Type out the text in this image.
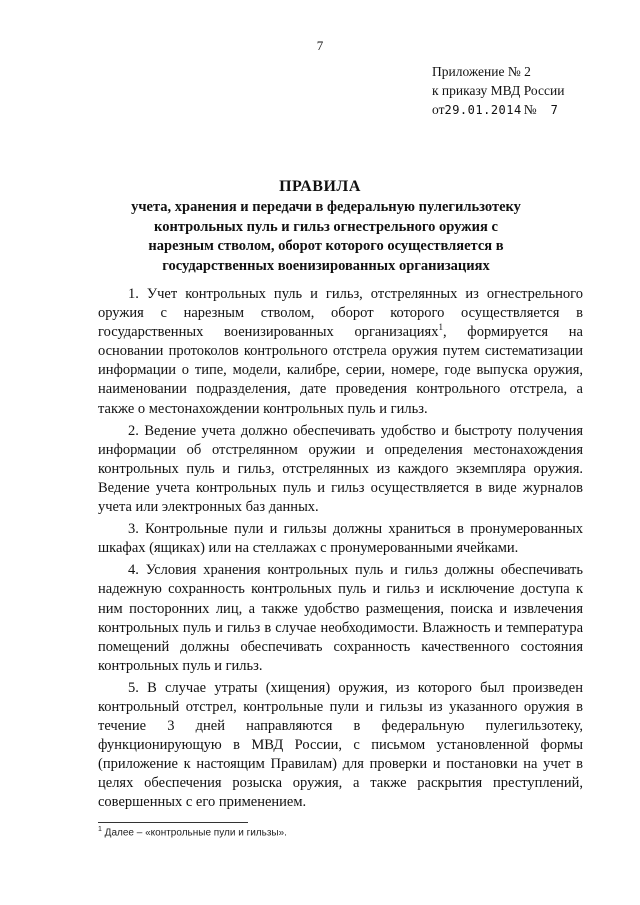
7
Приложение № 2
к приказу МВД России
от29.01.2014 № 7
ПРАВИЛА
учета, хранения и передачи в федеральную пулегильзотеку контрольных пуль и гильз огнестрельного оружия с нарезным стволом, оборот которого осуществляется в государственных военизированных организациях

1. Учет контрольных пуль и гильз, отстрелянных из огнестрельного оружия с нарезным стволом, оборот которого осуществляется в государственных военизированных организациях$^1$, формируется на основании протоколов контрольного отстрела оружия путем систематизации информации о типе, модели, калибре, серии, номере, годе выпуска оружия, наименовании подразделения, дате проведения контрольного отстрела, а также о местонахождении контрольных пуль и гильз.

2. Ведение учета должно обеспечивать удобство и быстроту получения информации об отстрелянном оружии и определения местонахождения контрольных пуль и гильз, отстрелянных из каждого экземпляра оружия. Ведение учета контрольных пуль и гильз осуществляется в виде журналов учета или электронных баз данных.

3. Контрольные пули и гильзы должны храниться в пронумерованных шкафах (ящиках) или на стеллажах с пронумерованными ячейками.

4. Условия хранения контрольных пуль и гильз должны обеспечивать надежную сохранность контрольных пуль и гильз и исключение доступа к ним посторонних лиц, а также удобство размещения, поиска и извлечения контрольных пуль и гильз в случае необходимости. Влажность и температура помещений должны обеспечивать сохранность качественного состояния контрольных пуль и гильз.

5. В случае утраты (хищения) оружия, из которого был произведен контрольный отстрел, контрольные пули и гильзы из указанного оружия в течение 3 дней направляются в федеральную пулегильзотеку, функционирующую в МВД России, с письмом установленной формы (приложение к настоящим Правилам) для проверки и постановки на учет в целях обеспечения розыска оружия, а также раскрытия преступлений, совершенных с его применением.

$^1$ Далее – «контрольные пули и гильзы».
